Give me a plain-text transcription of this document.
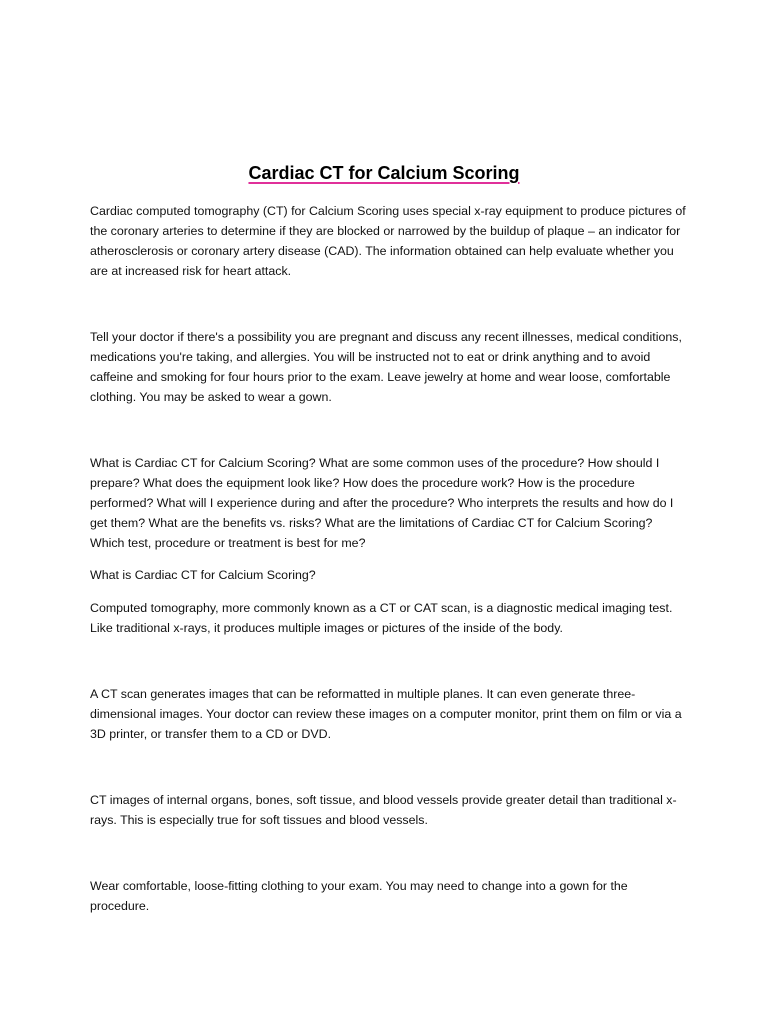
Cardiac CT for Calcium Scoring

Cardiac computed tomography (CT) for Calcium Scoring uses special x-ray equipment to produce pictures of the coronary arteries to determine if they are blocked or narrowed by the buildup of plaque – an indicator for atherosclerosis or coronary artery disease (CAD). The information obtained can help evaluate whether you are at increased risk for heart attack.

Tell your doctor if there's a possibility you are pregnant and discuss any recent illnesses, medical conditions, medications you're taking, and allergies. You will be instructed not to eat or drink anything and to avoid caffeine and smoking for four hours prior to the exam. Leave jewelry at home and wear loose, comfortable clothing. You may be asked to wear a gown.

What is Cardiac CT for Calcium Scoring? What are some common uses of the procedure? How should I prepare? What does the equipment look like? How does the procedure work? How is the procedure performed? What will I experience during and after the procedure? Who interprets the results and how do I get them? What are the benefits vs. risks? What are the limitations of Cardiac CT for Calcium Scoring? Which test, procedure or treatment is best for me?

What is Cardiac CT for Calcium Scoring?

Computed tomography, more commonly known as a CT or CAT scan, is a diagnostic medical imaging test. Like traditional x-rays, it produces multiple images or pictures of the inside of the body.

A CT scan generates images that can be reformatted in multiple planes. It can even generate three-dimensional images. Your doctor can review these images on a computer monitor, print them on film or via a 3D printer, or transfer them to a CD or DVD.

CT images of internal organs, bones, soft tissue, and blood vessels provide greater detail than traditional x-rays. This is especially true for soft tissues and blood vessels.

Wear comfortable, loose-fitting clothing to your exam. You may need to change into a gown for the procedure.
